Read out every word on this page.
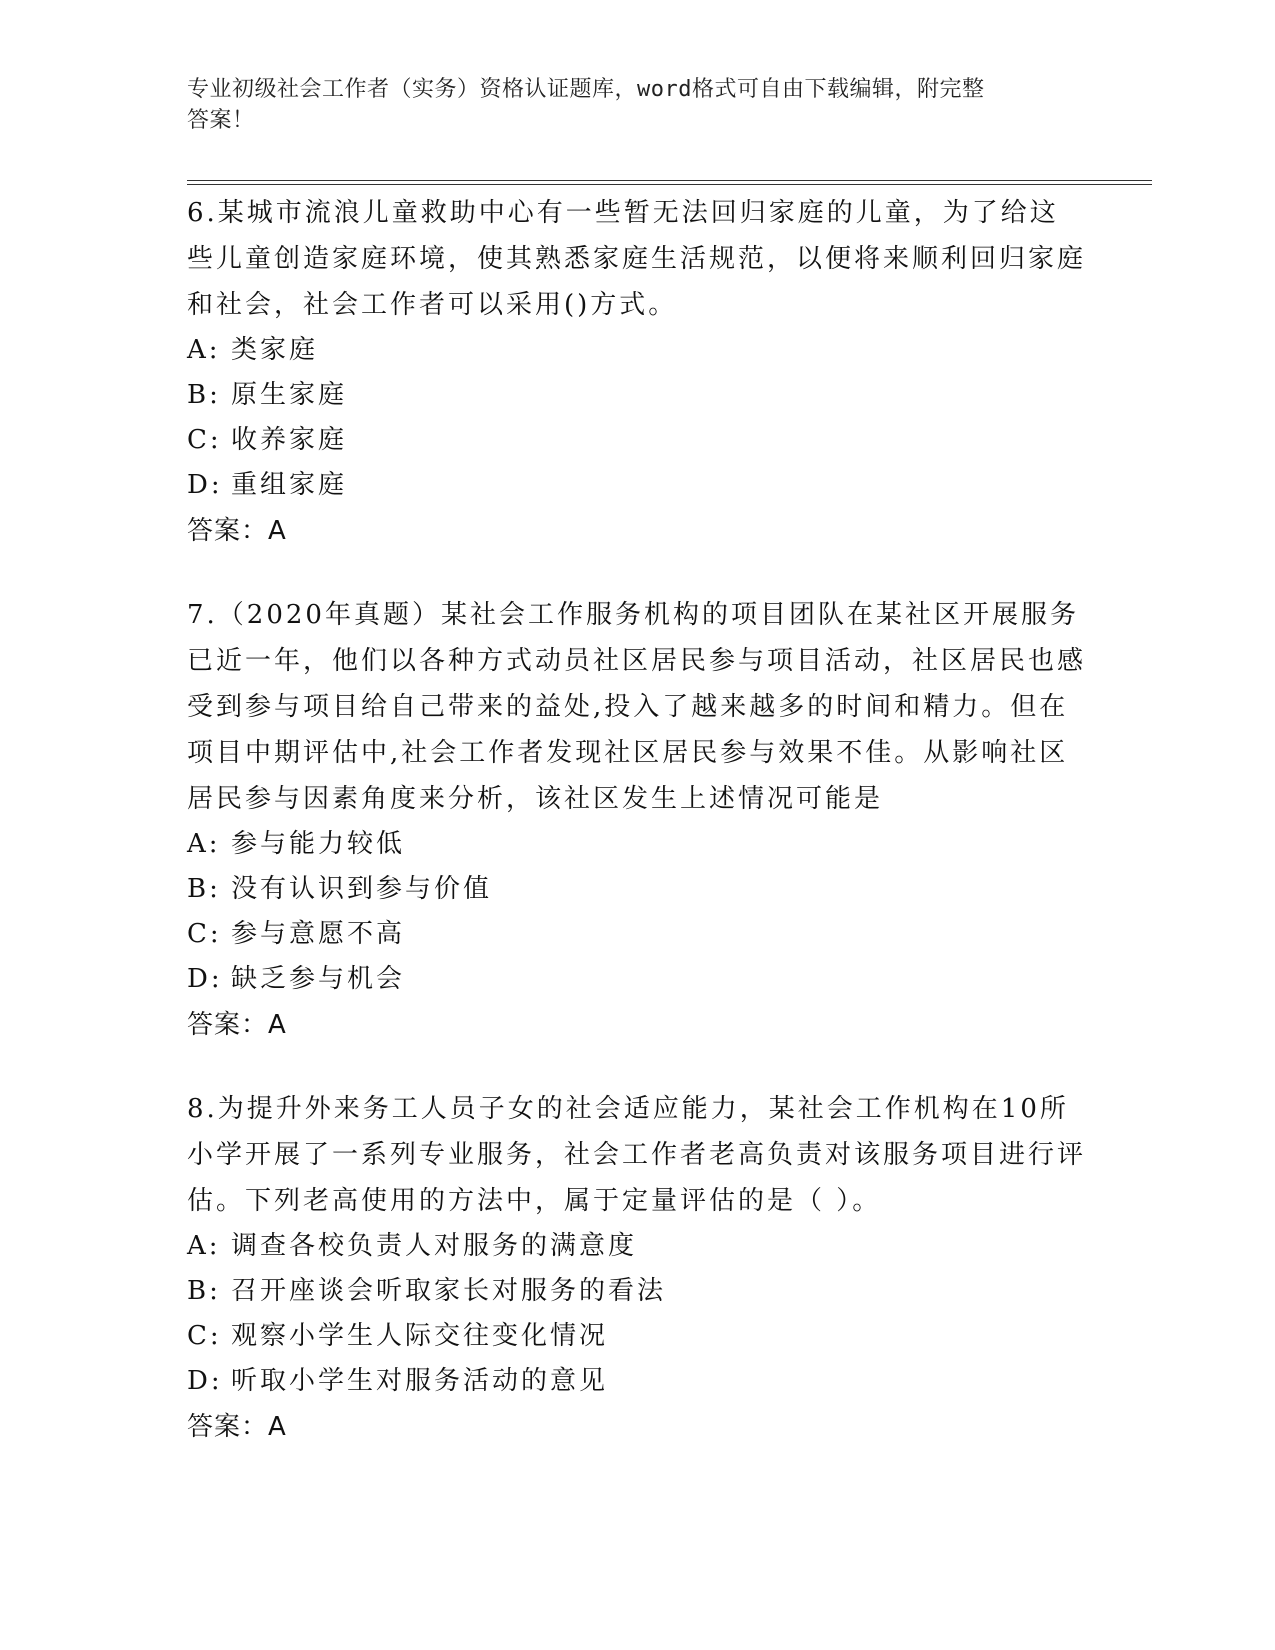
专业初级社会工作者（实务）资格认证题库，word格式可自由下载编辑，附完整
答案！

6.某城市流浪儿童救助中心有一些暂无法回归家庭的儿童，为了给这些儿童创造家庭环境，使其熟悉家庭生活规范，以便将来顺利回归家庭和社会，社会工作者可以采用()方式。

A: 类家庭

B: 原生家庭

C: 收养家庭

D: 重组家庭

答案：A

7.（2020年真题）某社会工作服务机构的项目团队在某社区开展服务已近一年，他们以各种方式动员社区居民参与项目活动，社区居民也感受到参与项目给自己带来的益处,投入了越来越多的时间和精力。但在项目中期评估中,社会工作者发现社区居民参与效果不佳。从影响社区居民参与因素角度来分析，该社区发生上述情况可能是

A: 参与能力较低

B: 没有认识到参与价值

C: 参与意愿不高

D: 缺乏参与机会

答案：A

8.为提升外来务工人员子女的社会适应能力，某社会工作机构在10所小学开展了一系列专业服务，社会工作者老高负责对该服务项目进行评估。下列老高使用的方法中，属于定量评估的是（ ）。

A: 调查各校负责人对服务的满意度

B: 召开座谈会听取家长对服务的看法

C: 观察小学生人际交往变化情况

D: 听取小学生对服务活动的意见

答案：A
